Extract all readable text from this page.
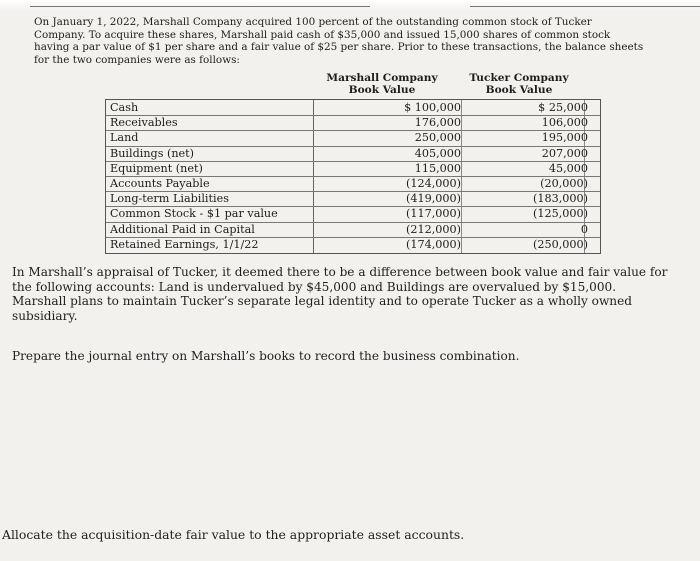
On January 1, 2022, Marshall Company acquired 100 percent of the outstanding common stock of Tucker Company. To acquire these shares, Marshall paid cash of $35,000 and issued 15,000 shares of common stock having a par value of $1 per share and a fair value of $25 per share. Prior to these transactions, the balance sheets for the two companies were as follows:
Marshall Company
Book Value
Tucker Company
Book Value
Cash	$ 100,000	$ 25,000
Receivables	176,000	106,000
Land	250,000	195,000
Buildings (net)	405,000	207,000
Equipment (net)	115,000	45,000
Accounts Payable	(124,000)	(20,000)
Long-term Liabilities	(419,000)	(183,000)
Common Stock - $1 par value	(117,000)	(125,000)
Additional Paid in Capital	(212,000)	0
Retained Earnings, 1/1/22	(174,000)	(250,000)
In Marshall’s appraisal of Tucker, it deemed there to be a difference between book value and fair value for the following accounts: Land is undervalued by $45,000 and Buildings are overvalued by $15,000. Marshall plans to maintain Tucker’s separate legal identity and to operate Tucker as a wholly owned subsidiary.
Prepare the journal entry on Marshall’s books to record the business combination.
Allocate the acquisition-date fair value to the appropriate asset accounts.
